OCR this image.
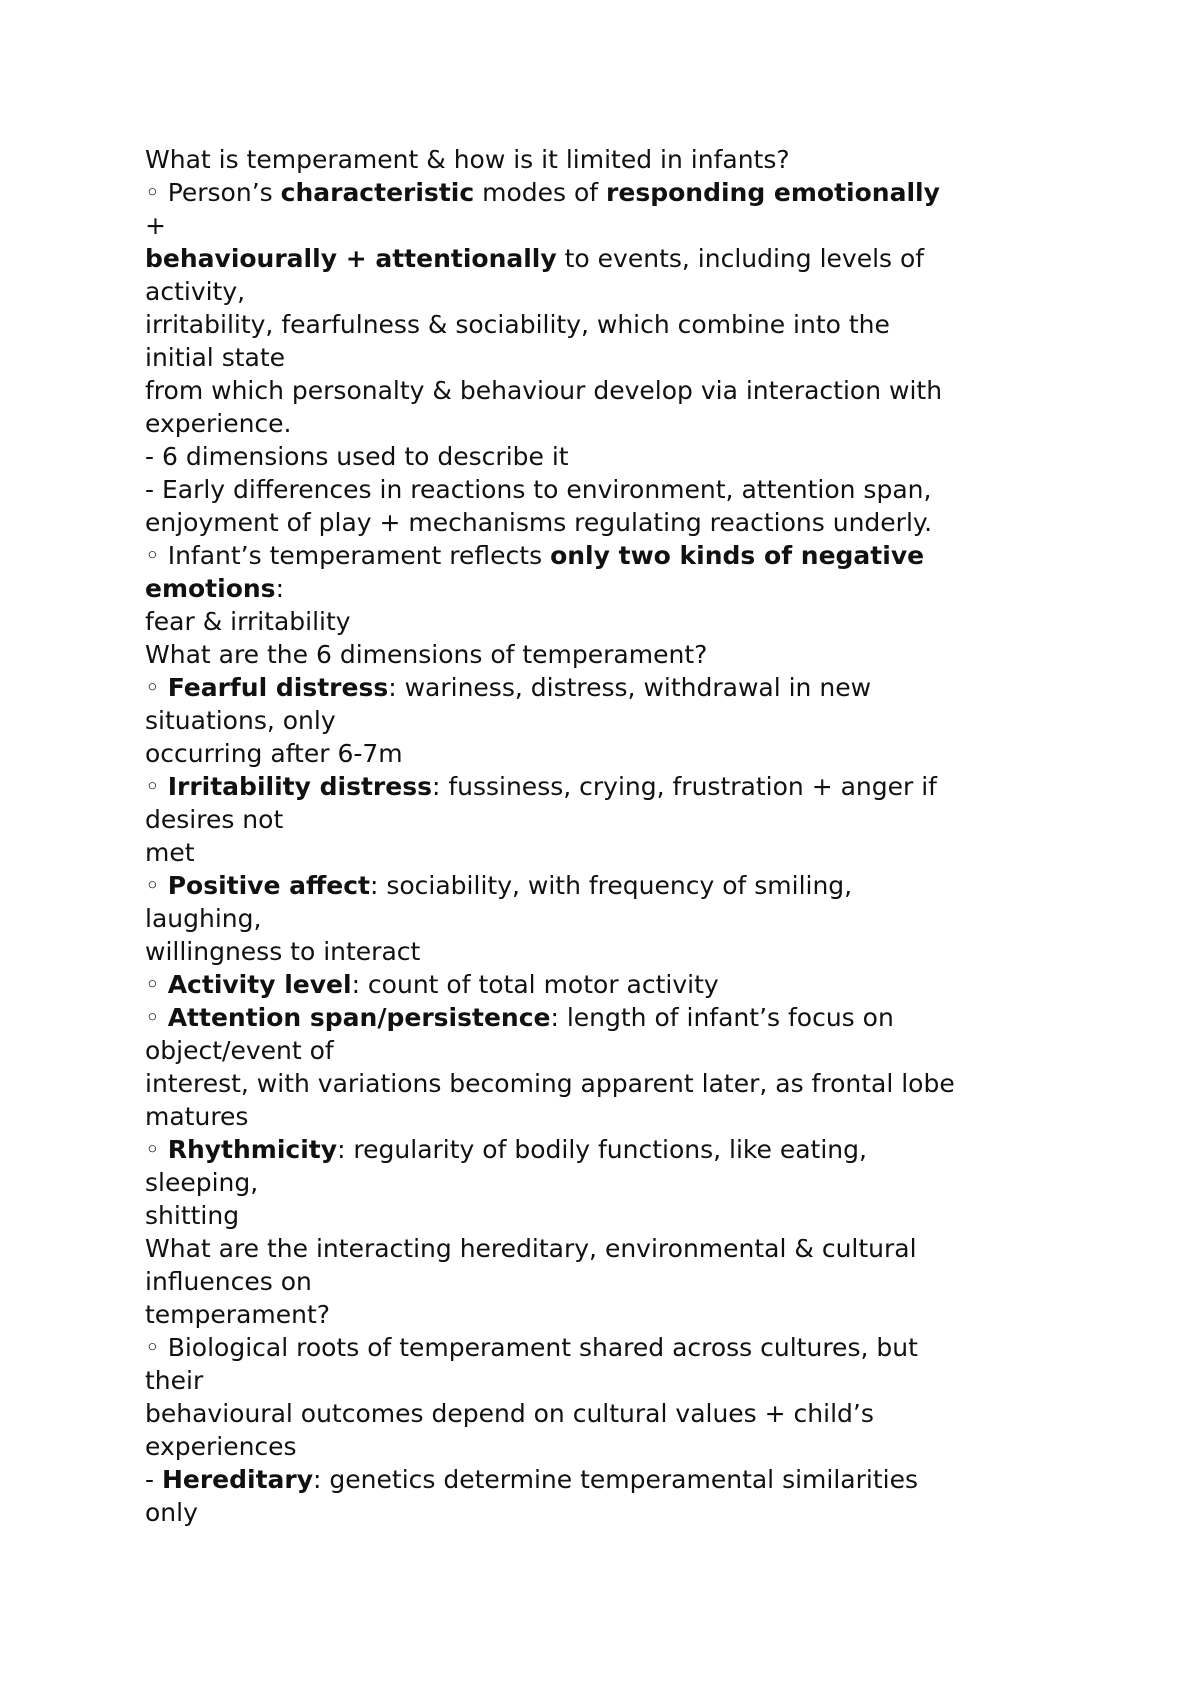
What is temperament & how is it limited in infants?
◦ Person’s characteristic modes of responding emotionally
+
behaviourally + attentionally to events, including levels of
activity,
irritability, fearfulness & sociability, which combine into the
initial state
from which personalty & behaviour develop via interaction with
experience.
- 6 dimensions used to describe it
- Early differences in reactions to environment, attention span,
enjoyment of play + mechanisms regulating reactions underly.
◦ Infant’s temperament reflects only two kinds of negative
emotions:
fear & irritability
What are the 6 dimensions of temperament?
◦ Fearful distress: wariness, distress, withdrawal in new
situations, only
occurring after 6-7m
◦ Irritability distress: fussiness, crying, frustration + anger if
desires not
met
◦ Positive affect: sociability, with frequency of smiling,
laughing,
willingness to interact
◦ Activity level: count of total motor activity
◦ Attention span/persistence: length of infant’s focus on
object/event of
interest, with variations becoming apparent later, as frontal lobe
matures
◦ Rhythmicity: regularity of bodily functions, like eating,
sleeping,
shitting
What are the interacting hereditary, environmental & cultural
influences on
temperament?
◦ Biological roots of temperament shared across cultures, but
their
behavioural outcomes depend on cultural values + child’s
experiences
- Hereditary: genetics determine temperamental similarities
only
